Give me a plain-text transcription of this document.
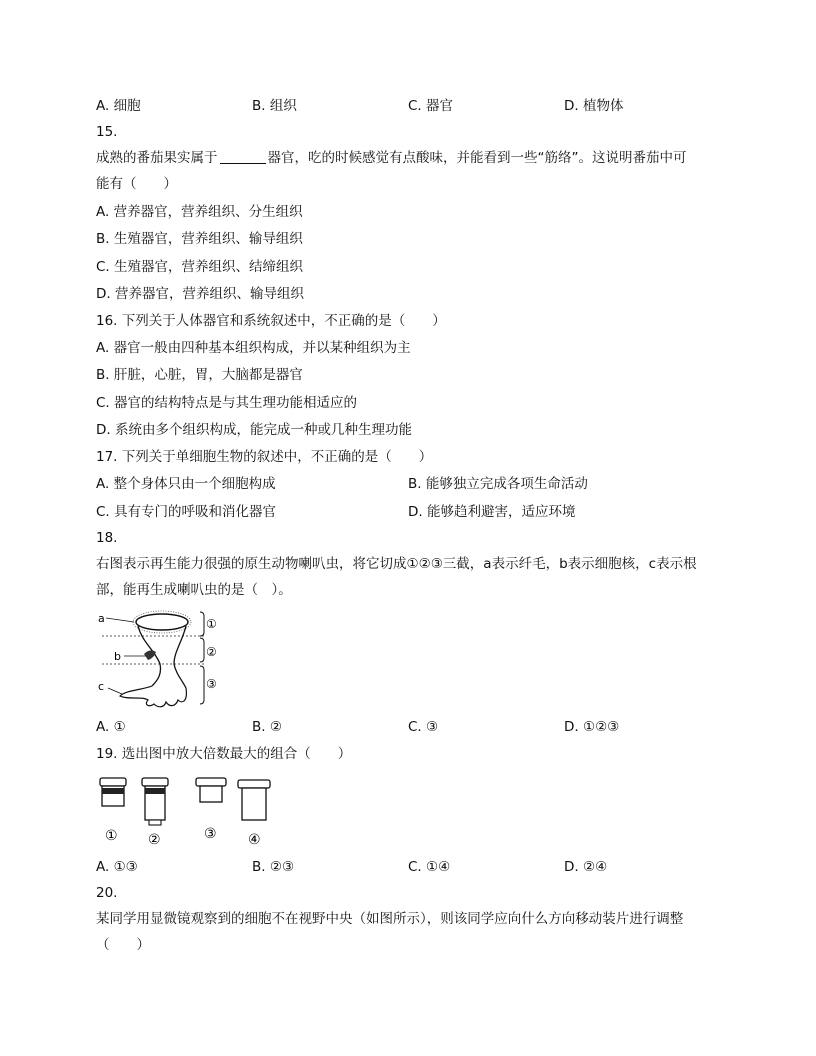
A. 细胞	B. 组织	C. 器官	D. 植物体
15.
成熟的番茄果实属于	器官，吃的时候感觉有点酸味，并能看到一些“筋络”。这说明番茄中可
能有（　　）
A. 营养器官，营养组织、分生组织
B. 生殖器官，营养组织、输导组织
C. 生殖器官，营养组织、结缔组织
D. 营养器官，营养组织、输导组织
16. 下列关于人体器官和系统叙述中，不正确的是（　　）
A. 器官一般由四种基本组织构成，并以某种组织为主
B. 肝脏，心脏，胃，大脑都是器官
C. 器官的结构特点是与其生理功能相适应的
D. 系统由多个组织构成，能完成一种或几种生理功能
17. 下列关于单细胞生物的叙述中，不正确的是（　　）
A. 整个身体只由一个细胞构成	B. 能够独立完成各项生命活动
C. 具有专门的呼吸和消化器官	D. 能够趋利避害，适应环境
18.
右图表示再生能力很强的原生动物喇叭虫，将它切成①②③三截，a表示纤毛，b表示细胞核，c表示根
部，能再生成喇叭虫的是（　）。
a
b
c
①
②
③
A. ①	B. ②	C. ③	D. ①②③
19. 选出图中放大倍数最大的组合（　　）
① ②	③ ④
A. ①③	B. ②③	C. ①④	D. ②④
20.
某同学用显微镜观察到的细胞不在视野中央（如图所示），则该同学应向什么方向移动装片进行调整
（　　）
